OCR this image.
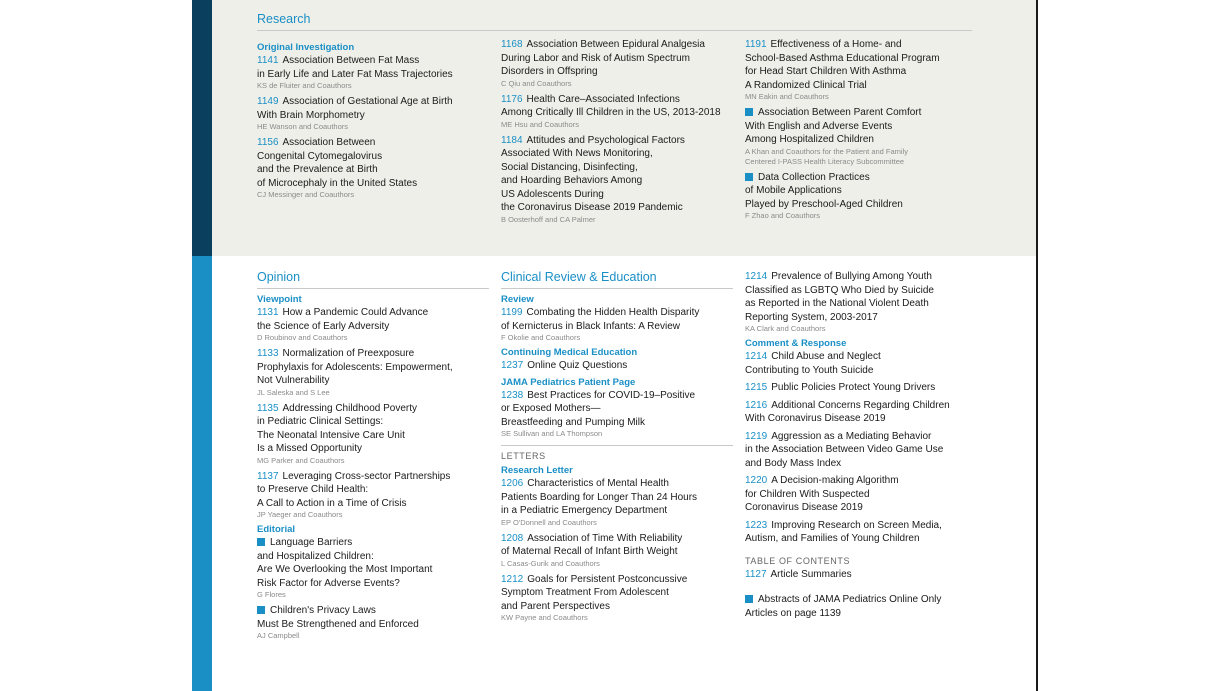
Research
Original Investigation
1141 Association Between Fat Mass
in Early Life and Later Fat Mass Trajectories
KS de Fluiter and Coauthors
1149 Association of Gestational Age at Birth
With Brain Morphometry
HE Wanson and Coauthors
1156 Association Between
Congenital Cytomegalovirus
and the Prevalence at Birth
of Microcephaly in the United States
CJ Messinger and Coauthors
1168 Association Between Epidural Analgesia
During Labor and Risk of Autism Spectrum
Disorders in Offspring
C Qiu and Coauthors
1176 Health Care–Associated Infections
Among Critically Ill Children in the US, 2013-2018
ME Hsu and Coauthors
1184 Attitudes and Psychological Factors
Associated With News Monitoring,
Social Distancing, Disinfecting,
and Hoarding Behaviors Among
US Adolescents During
the Coronavirus Disease 2019 Pandemic
B Oosterhoff and CA Palmer
1191 Effectiveness of a Home- and
School-Based Asthma Educational Program
for Head Start Children With Asthma
A Randomized Clinical Trial
MN Eakin and Coauthors
Association Between Parent Comfort
With English and Adverse Events
Among Hospitalized Children
A Khan and Coauthors for the Patient and Family
Centered I-PASS Health Literacy Subcommittee
Data Collection Practices
of Mobile Applications
Played by Preschool-Aged Children
F Zhao and Coauthors
Opinion
Viewpoint
1131 How a Pandemic Could Advance
the Science of Early Adversity
D Roubinov and Coauthors
1133 Normalization of Preexposure
Prophylaxis for Adolescents: Empowerment,
Not Vulnerability
JL Saleska and S Lee
1135 Addressing Childhood Poverty
in Pediatric Clinical Settings:
The Neonatal Intensive Care Unit
Is a Missed Opportunity
MG Parker and Coauthors
1137 Leveraging Cross-sector Partnerships
to Preserve Child Health:
A Call to Action in a Time of Crisis
JP Yaeger and Coauthors
Editorial
Language Barriers
and Hospitalized Children:
Are We Overlooking the Most Important
Risk Factor for Adverse Events?
G Flores
Children's Privacy Laws
Must Be Strengthened and Enforced
AJ Campbell
Clinical Review & Education
Review
1199 Combating the Hidden Health Disparity
of Kernicterus in Black Infants: A Review
F Okolie and Coauthors
Continuing Medical Education
1237 Online Quiz Questions
JAMA Pediatrics Patient Page
1238 Best Practices for COVID-19–Positive
or Exposed Mothers—
Breastfeeding and Pumping Milk
SE Sullivan and LA Thompson
LETTERS
Research Letter
1206 Characteristics of Mental Health
Patients Boarding for Longer Than 24 Hours
in a Pediatric Emergency Department
EP O'Donnell and Coauthors
1208 Association of Time With Reliability
of Maternal Recall of Infant Birth Weight
L Casas-Gurik and Coauthors
1212 Goals for Persistent Postconcussive
Symptom Treatment From Adolescent
and Parent Perspectives
KW Payne and Coauthors
1214 Prevalence of Bullying Among Youth
Classified as LGBTQ Who Died by Suicide
as Reported in the National Violent Death
Reporting System, 2003-2017
KA Clark and Coauthors
Comment & Response
1214 Child Abuse and Neglect
Contributing to Youth Suicide
1215 Public Policies Protect Young Drivers
1216 Additional Concerns Regarding Children
With Coronavirus Disease 2019
1219 Aggression as a Mediating Behavior
in the Association Between Video Game Use
and Body Mass Index
1220 A Decision-making Algorithm
for Children With Suspected
Coronavirus Disease 2019
1223 Improving Research on Screen Media,
Autism, and Families of Young Children
TABLE OF CONTENTS
1127 Article Summaries
Abstracts of JAMA Pediatrics Online Only
Articles on page 1139
